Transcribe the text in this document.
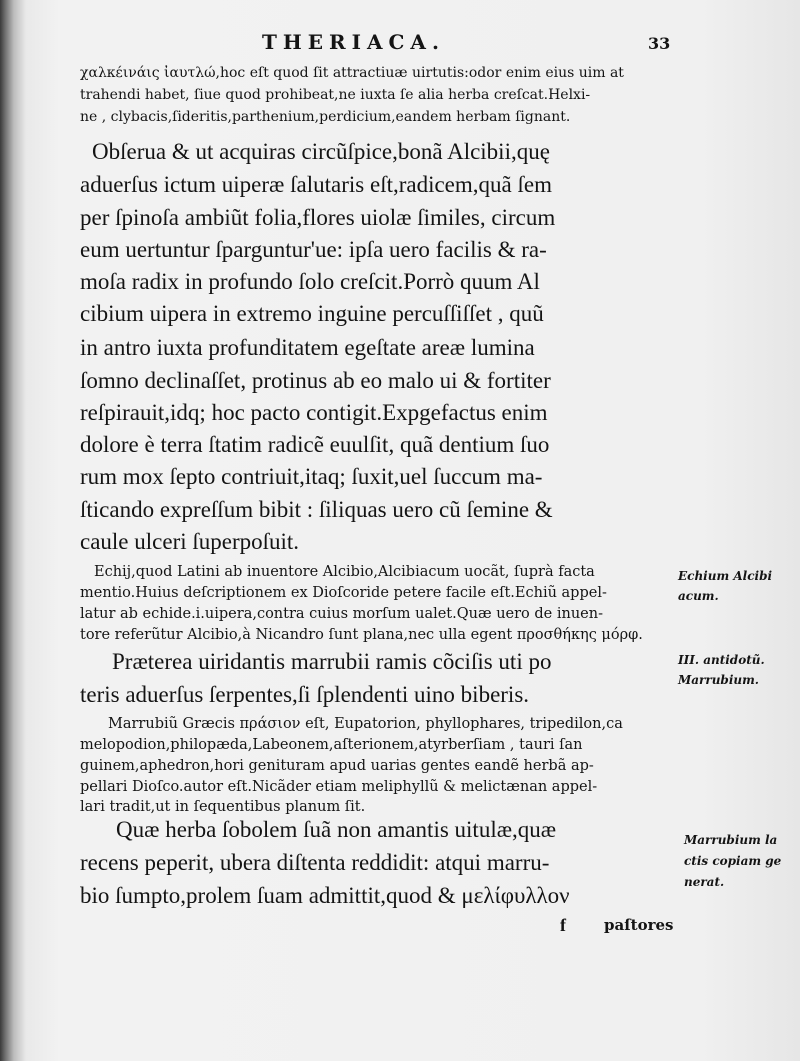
THERIACA.	33
χαλκέινάις ἰαυτλώ,hoc eſt quod ſit attractiuæ uirtutis:odor enim eius uim at
trahendi habet, ſiue quod prohibeat,ne iuxta ſe alia herba creſcat.Helxi-
ne , clybacis,ſideritis,parthenium,perdicium,eandem herbam ſignant.
Obſerua & ut acquiras circũſpice,bonã Alcibii,quę
aduerſus ictum uiperæ ſalutaris eſt,radicem,quã ſem
per ſpinoſa ambiũt folia,flores uiolæ ſimiles, circum
eum uertuntur ſparguntur'ue: ipſa uero facilis & ra-
moſa radix in profundo ſolo creſcit.Porrò quum Al
cibium uipera in extremo inguine percuſſiſſet , quũ
in antro iuxta profunditatem egeſtate areæ lumina
ſomno declinaſſet, protinus ab eo malo ui & fortiter
reſpirauit,idq; hoc pacto contigit.Expgefactus enim
dolore è terra ſtatim radicẽ euulſit, quã dentium ſuo
rum mox ſepto contriuit,itaq; ſuxit,uel ſuccum ma-
ſticando expreſſum bibit : ſiliquas uero cũ ſemine &
caule ulceri ſuperpoſuit.
Echij,quod Latini ab inuentore Alcibio,Alcibiacum uocãt, ſuprà facta
mentio.Huius deſcriptionem ex Dioſcoride petere facile eſt.Echiũ appel-
latur ab echide.i.uipera,contra cuius morſum ualet.Quæ uero de inuen-
tore referũtur Alcibio,à Nicandro ſunt plana,nec ulla egent προσθήκης μόρφ.
Præterea uiridantis marrubii ramis cõciſis uti po
teris aduerſus ſerpentes,ſi ſplendenti uino biberis.
Marrubiũ Græcis πράσιον eſt, Eupatorion, phyllophares, tripedilon,ca
melopodion,philopæda,Labeonem,aſterionem,atyrberſiam , tauri ſan
guinem,aphedron,hori genituram apud uarias gentes eandẽ herbã ap-
pellari Dioſco.autor eſt.Nicãder etiam meliphyllũ & melictænan appel-
lari tradit,ut in ſequentibus planum ſit.
Quæ herba ſobolem ſuã non amantis uitulæ,quæ
recens peperit, ubera diſtenta reddidit: atqui marru-
bio ſumpto,prolem ſuam admittit,quod & μελίφυλλον
Echium Alcibi
acum.
III. antidotũ.
Marrubium.
Marrubium la
ctis copiam ge
nerat.
f	paſtores
